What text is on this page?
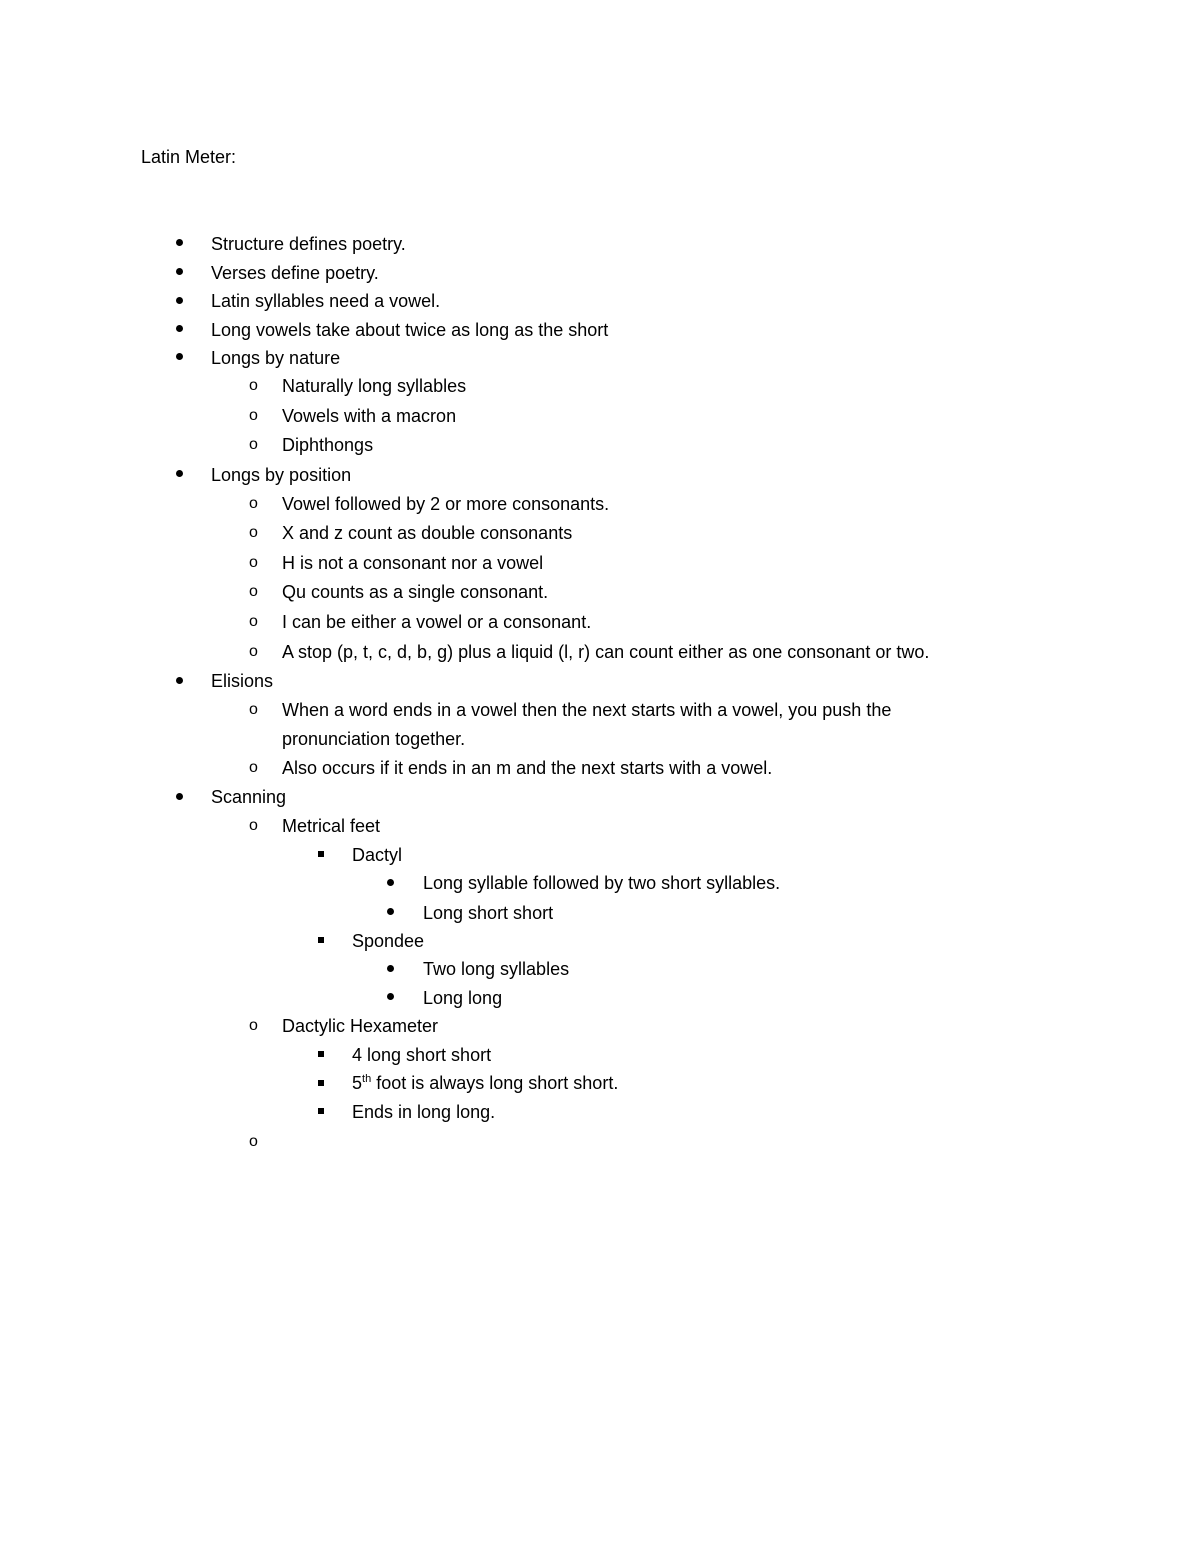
Latin Meter:
Structure defines poetry.
Verses define poetry.
Latin syllables need a vowel.
Long vowels take about twice as long as the short
Longs by nature
o Naturally long syllables
o Vowels with a macron
o Diphthongs
Longs by position
o Vowel followed by 2 or more consonants.
o X and z count as double consonants
o H is not a consonant nor a vowel
o Qu counts as a single consonant.
o I can be either a vowel or a consonant.
o A stop (p, t, c, d, b, g) plus a liquid (l, r) can count either as one consonant or two.
Elisions
o When a word ends in a vowel then the next starts with a vowel, you push the
pronunciation together.
o Also occurs if it ends in an m and the next starts with a vowel.
Scanning
o Metrical feet
Dactyl
Long syllable followed by two short syllables.
Long short short
Spondee
Two long syllables
Long long
o Dactylic Hexameter
4 long short short
5th foot is always long short short.
Ends in long long.
o
